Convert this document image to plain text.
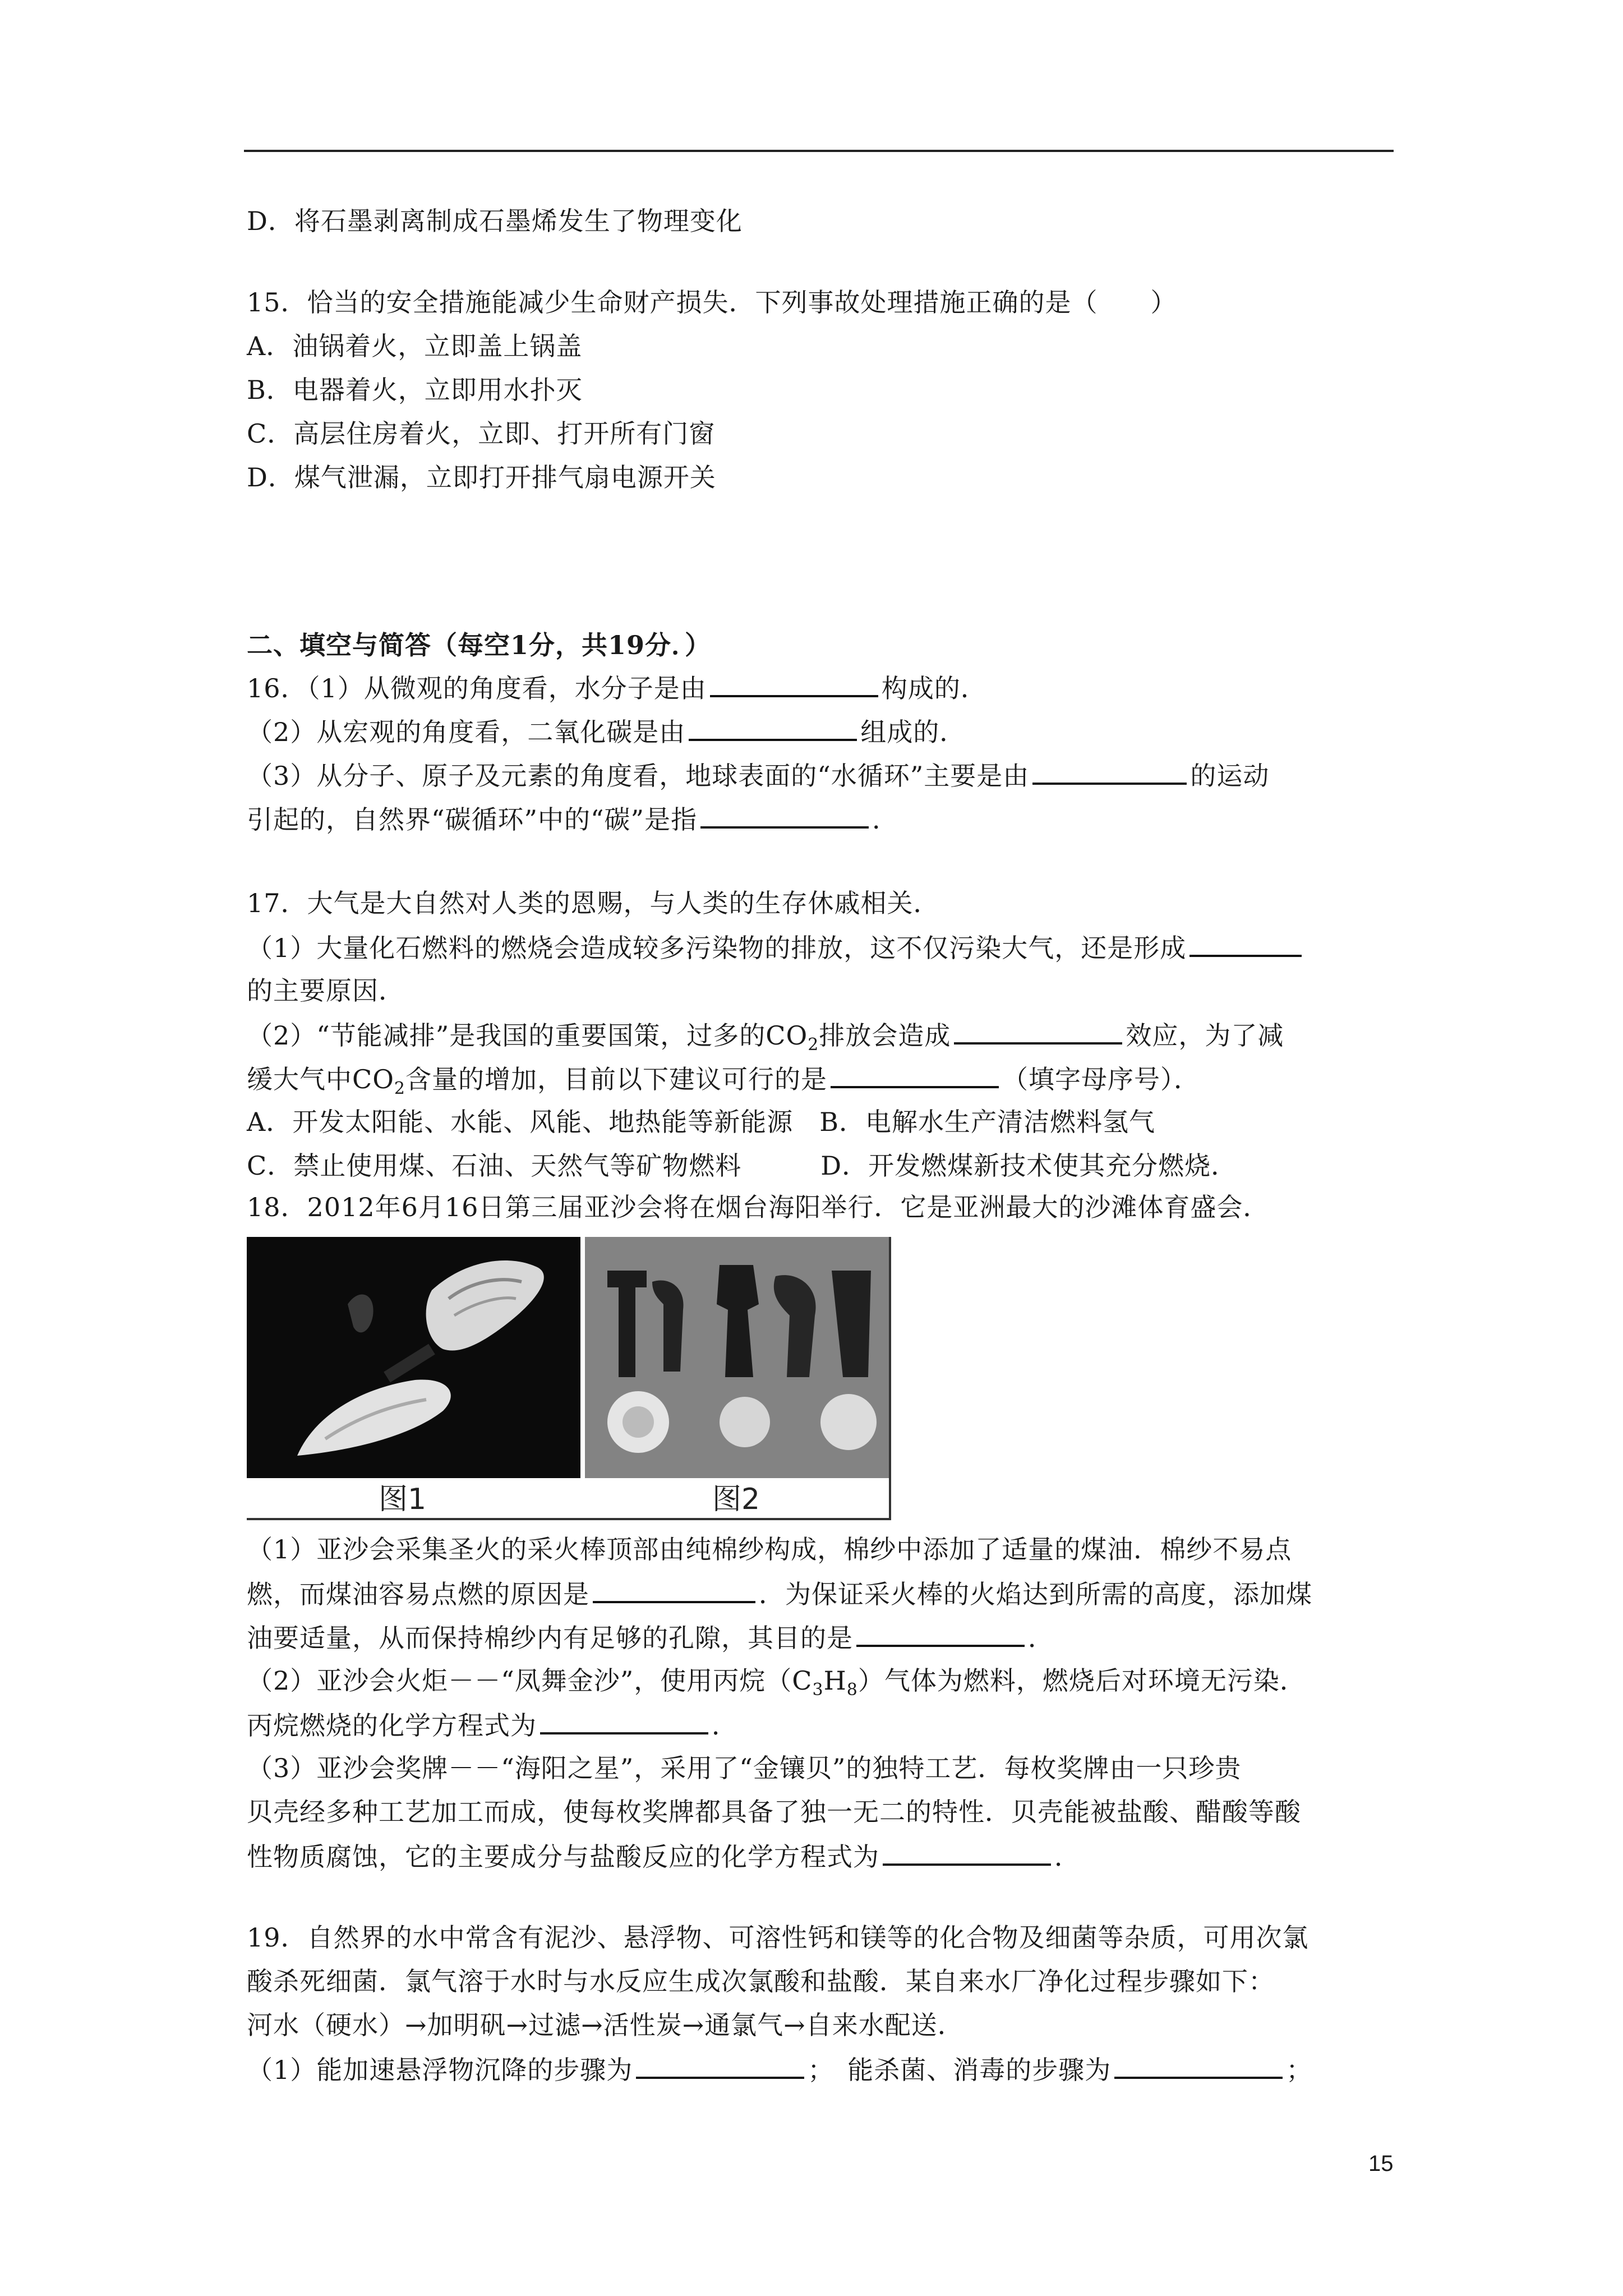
D．将石墨剥离制成石墨烯发生了物理变化
15．恰当的安全措施能减少生命财产损失．下列事故处理措施正确的是（　　）
A．油锅着火，立即盖上锅盖
B．电器着火，立即用水扑灭
C．高层住房着火，立即、打开所有门窗
D．煤气泄漏，立即打开排气扇电源开关
二、填空与简答（每空1分，共19分．）
16．（1）从微观的角度看，水分子是由	构成的．
（2）从宏观的角度看，二氧化碳是由	组成的．
（3）从分子、原子及元素的角度看，地球表面的“水循环”主要是由	的运动
引起的，自然界“碳循环”中的“碳”是指	．
17．大气是大自然对人类的恩赐，与人类的生存休戚相关．
（1）大量化石燃料的燃烧会造成较多污染物的排放，这不仅污染大气，还是形成
的主要原因．
（2）“节能减排”是我国的重要国策，过多的$CO_2$排放会造成	效应，为了减
缓大气中$CO_2$含量的增加，目前以下建议可行的是	（填字母序号）．
A．开发太阳能、水能、风能、地热能等新能源　B．电解水生产清洁燃料氢气
C．禁止使用煤、石油、天然气等矿物燃料　　　D．开发燃煤新技术使其充分燃烧．
18．2012年6月16日第三届亚沙会将在烟台海阳举行．它是亚洲最大的沙滩体育盛会．
图1	图2
（1）亚沙会采集圣火的采火棒顶部由纯棉纱构成，棉纱中添加了适量的煤油．棉纱不易点
燃，而煤油容易点燃的原因是	．为保证采火棒的火焰达到所需的高度，添加煤
油要适量，从而保持棉纱内有足够的孔隙，其目的是	．
（2）亚沙会火炬－－“凤舞金沙”，使用丙烷$(C_3H_8)$气体为燃料，燃烧后对环境无污染．
丙烷燃烧的化学方程式为	．
（3）亚沙会奖牌－－“海阳之星”，采用了“金镶贝”的独特工艺．每枚奖牌由一只珍贵
贝壳经多种工艺加工而成，使每枚奖牌都具备了独一无二的特性．贝壳能被盐酸、醋酸等酸
性物质腐蚀，它的主要成分与盐酸反应的化学方程式为	．
19．自然界的水中常含有泥沙、悬浮物、可溶性钙和镁等的化合物及细菌等杂质，可用次氯
酸杀死细菌．氯气溶于水时与水反应生成次氯酸和盐酸．某自来水厂净化过程步骤如下：
河水（硬水）→加明矾→过滤→活性炭→通氯气→自来水配送．
（1）能加速悬浮物沉降的步骤为	；　能杀菌、消毒的步骤为	；
15
